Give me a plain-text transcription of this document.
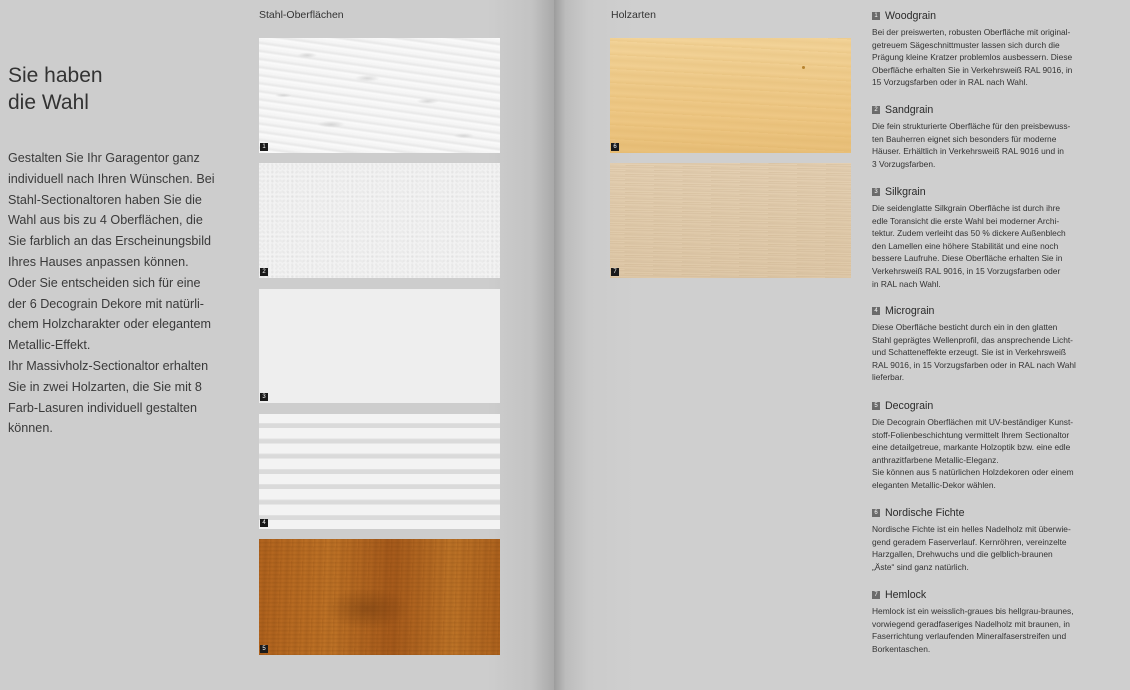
Sie haben
die Wahl

Gestalten Sie Ihr Garagentor ganz
individuell nach Ihren Wünschen. Bei
Stahl-Sectionaltoren haben Sie die
Wahl aus bis zu 4 Oberflächen, die
Sie farblich an das Erscheinungsbild
Ihres Hauses anpassen können.
Oder Sie entscheiden sich für eine
der 6 Decograin Dekore mit natürli-
chem Holzcharakter oder elegantem
Metallic-Effekt.
Ihr Massivholz-Sectionaltor erhalten
Sie in zwei Holzarten, die Sie mit 8
Farb-Lasuren individuell gestalten
können.

Stahl-Oberflächen	Holzarten
1
2
3
4
5
6
7
1 Woodgrain

Bei der preiswerten, robusten Oberfläche mit original-
getreuem Sägeschnittmuster lassen sich durch die
Prägung kleine Kratzer problemlos ausbessern. Diese
Oberfläche erhalten Sie in Verkehrsweiß RAL 9016, in
15 Vorzugsfarben oder in RAL nach Wahl.

2 Sandgrain

Die fein strukturierte Oberfläche für den preisbewuss-
ten Bauherren eignet sich besonders für moderne
Häuser. Erhältlich in Verkehrsweiß RAL 9016 und in
3 Vorzugsfarben.

3 Silkgrain

Die seidenglatte Silkgrain Oberfläche ist durch ihre
edle Toransicht die erste Wahl bei moderner Archi-
tektur. Zudem verleiht das 50 % dickere Außenblech
den Lamellen eine höhere Stabilität und eine noch
bessere Laufruhe. Diese Oberfläche erhalten Sie in
Verkehrsweiß RAL 9016, in 15 Vorzugsfarben oder
in RAL nach Wahl.

4 Micrograin

Diese Oberfläche besticht durch ein in den glatten
Stahl geprägtes Wellenprofil, das ansprechende Licht-
und Schatteneffekte erzeugt. Sie ist in Verkehrsweiß
RAL 9016, in 15 Vorzugsfarben oder in RAL nach Wahl
lieferbar.

5 Decograin

Die Decograin Oberflächen mit UV-beständiger Kunst-
stoff-Folienbeschichtung vermittelt Ihrem Sectionaltor
eine detailgetreue, markante Holzoptik bzw. eine edle
anthrazitfarbene Metallic-Eleganz.
Sie können aus 5 natürlichen Holzdekoren oder einem
eleganten Metallic-Dekor wählen.

6 Nordische Fichte

Nordische Fichte ist ein helles Nadelholz mit überwie-
gend geradem Faserverlauf. Kernröhren, vereinzelte
Harzgallen, Drehwuchs und die gelblich-braunen
„Äste“ sind ganz natürlich.

7 Hemlock

Hemlock ist ein weisslich-graues bis hellgrau-braunes,
vorwiegend geradfaseriges Nadelholz mit braunen, in
Faserrichtung verlaufenden Mineralfaserstreifen und
Borkentaschen.
